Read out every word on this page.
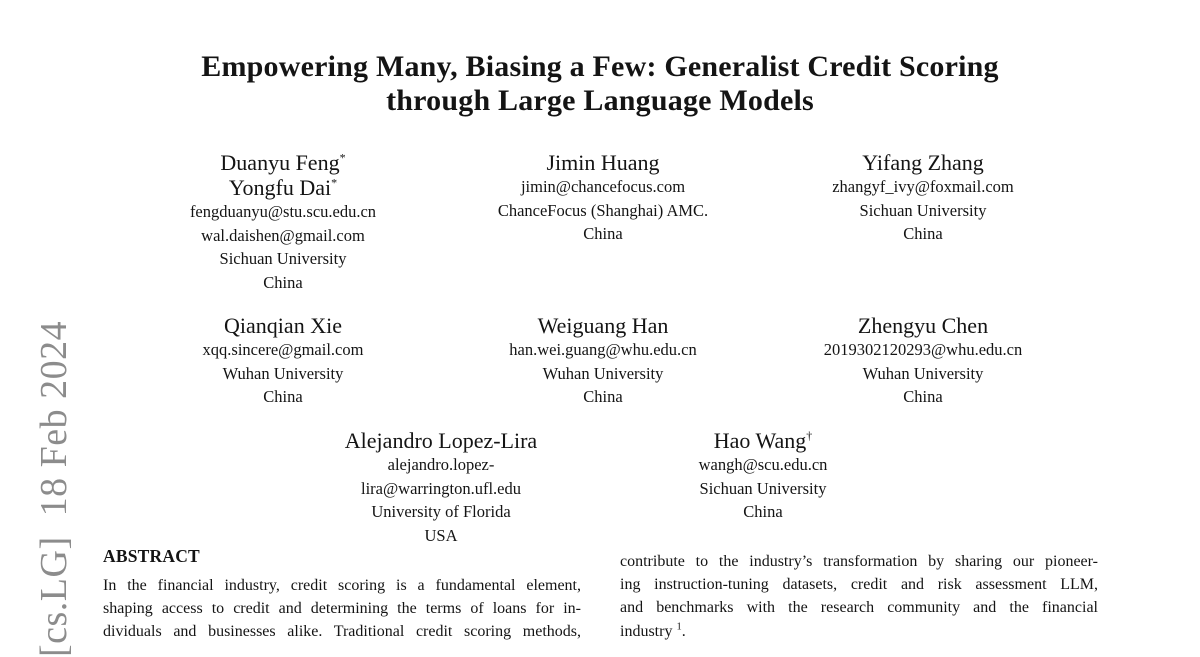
[cs.LG]  18 Feb 2024
Empowering Many, Biasing a Few: Generalist Credit Scoring
through Large Language Models
Duanyu Feng*
Yongfu Dai*
fengduanyu@stu.scu.edu.cn
wal.daishen@gmail.com
Sichuan University
China
Jimin Huang
jimin@chancefocus.com
ChanceFocus (Shanghai) AMC.
China
Yifang Zhang
zhangyf_ivy@foxmail.com
Sichuan University
China
Qianqian Xie
xqq.sincere@gmail.com
Wuhan University
China
Weiguang Han
han.wei.guang@whu.edu.cn
Wuhan University
China
Zhengyu Chen
2019302120293@whu.edu.cn
Wuhan University
China
Alejandro Lopez-Lira
alejandro.lopez-
lira@warrington.ufl.edu
University of Florida
USA
Hao Wang†
wangh@scu.edu.cn
Sichuan University
China
ABSTRACT
In the financial industry, credit scoring is a fundamental element,
shaping access to credit and determining the terms of loans for in-
dividuals and businesses alike. Traditional credit scoring methods,
contribute to the industry’s transformation by sharing our pioneer-
ing instruction-tuning datasets, credit and risk assessment LLM,
and benchmarks with the research community and the financial
industry $^1$.
